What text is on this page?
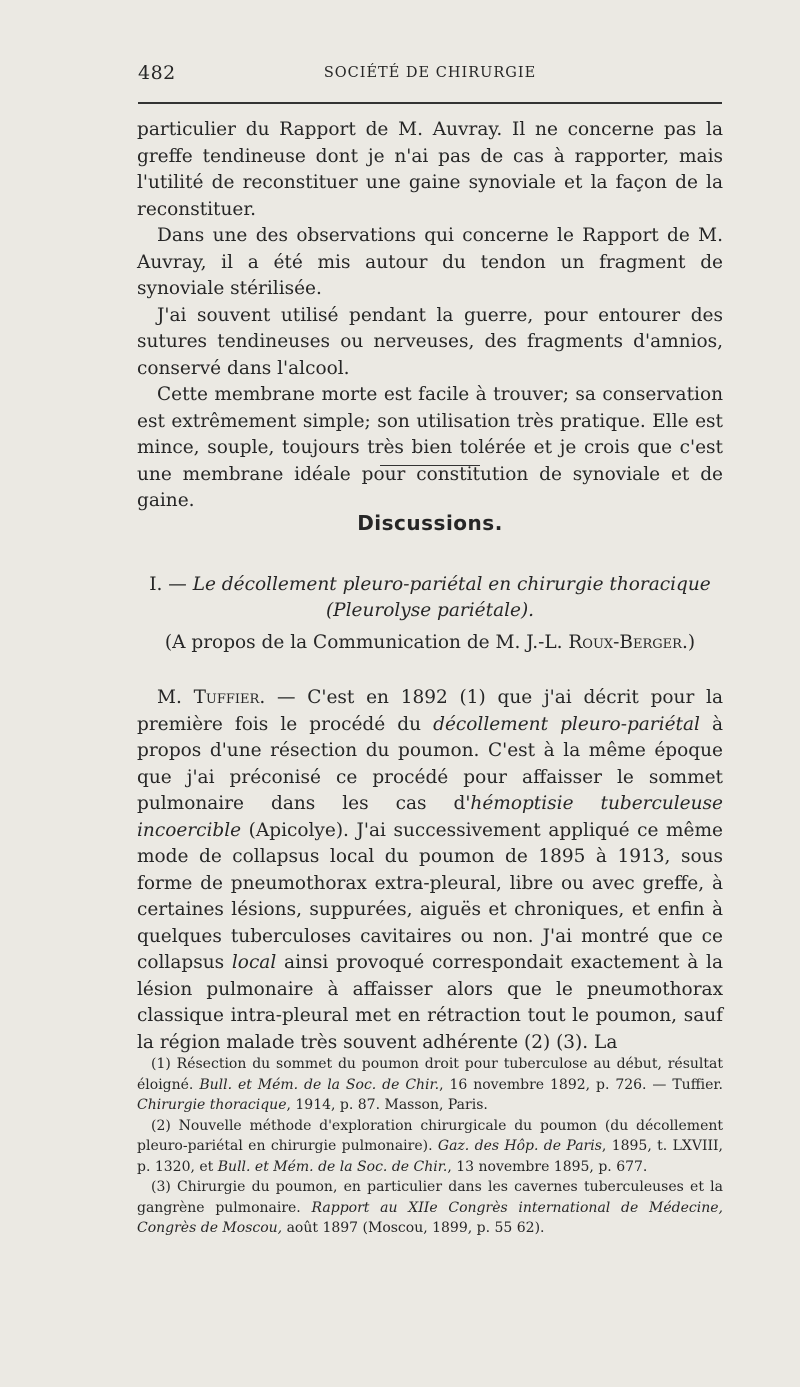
482	SOCIÉTÉ DE CHIRURGIE

particulier du Rapport de M. Auvray. Il ne concerne pas la greffe tendineuse dont je n'ai pas de cas à rapporter, mais l'utilité de reconstituer une gaine synoviale et la façon de la reconstituer.

Dans une des observations qui concerne le Rapport de M. Auvray, il a été mis autour du tendon un fragment de synoviale stérilisée.

J'ai souvent utilisé pendant la guerre, pour entourer des sutures tendineuses ou nerveuses, des fragments d'amnios, conservé dans l'alcool.

Cette membrane morte est facile à trouver; sa conservation est extrêmement simple; son utilisation très pratique. Elle est mince, souple, toujours très bien tolérée et je crois que c'est une membrane idéale pour constitution de synoviale et de gaine.

Discussions.
I. — Le décollement pleuro-pariétal en chirurgie thoracique
(Pleurolyse pariétale).
(A propos de la Communication de M. J.-L. Roux-Berger.)

M. Tuffier. — C'est en 1892 (1) que j'ai décrit pour la première fois le procédé du décollement pleuro-pariétal à propos d'une résection du poumon. C'est à la même époque que j'ai préconisé ce procédé pour affaisser le sommet pulmonaire dans les cas d'hémoptisie tuberculeuse incoercible (Apicolye). J'ai successivement appliqué ce même mode de collapsus local du poumon de 1895 à 1913, sous forme de pneumothorax extra-pleural, libre ou avec greffe, à certaines lésions, suppurées, aiguës et chroniques, et enfin à quelques tuberculoses cavitaires ou non. J'ai montré que ce collapsus local ainsi provoqué correspondait exactement à la lésion pulmonaire à affaisser alors que le pneumothorax classique intra-pleural met en rétraction tout le poumon, sauf la région malade très souvent adhérente (2) (3). La

(1) Résection du sommet du poumon droit pour tuberculose au début, résultat éloigné. Bull. et Mém. de la Soc. de Chir., 16 novembre 1892, p. 726. — Tuffier. Chirurgie thoracique, 1914, p. 87. Masson, Paris.

(2) Nouvelle méthode d'exploration chirurgicale du poumon (du décollement pleuro-pariétal en chirurgie pulmonaire). Gaz. des Hôp. de Paris, 1895, t. LXVIII, p. 1320, et Bull. et Mém. de la Soc. de Chir., 13 novembre 1895, p. 677.

(3) Chirurgie du poumon, en particulier dans les cavernes tuberculeuses et la gangrène pulmonaire. Rapport au XIIe Congrès international de Médecine, Congrès de Moscou, août 1897 (Moscou, 1899, p. 55 62).
